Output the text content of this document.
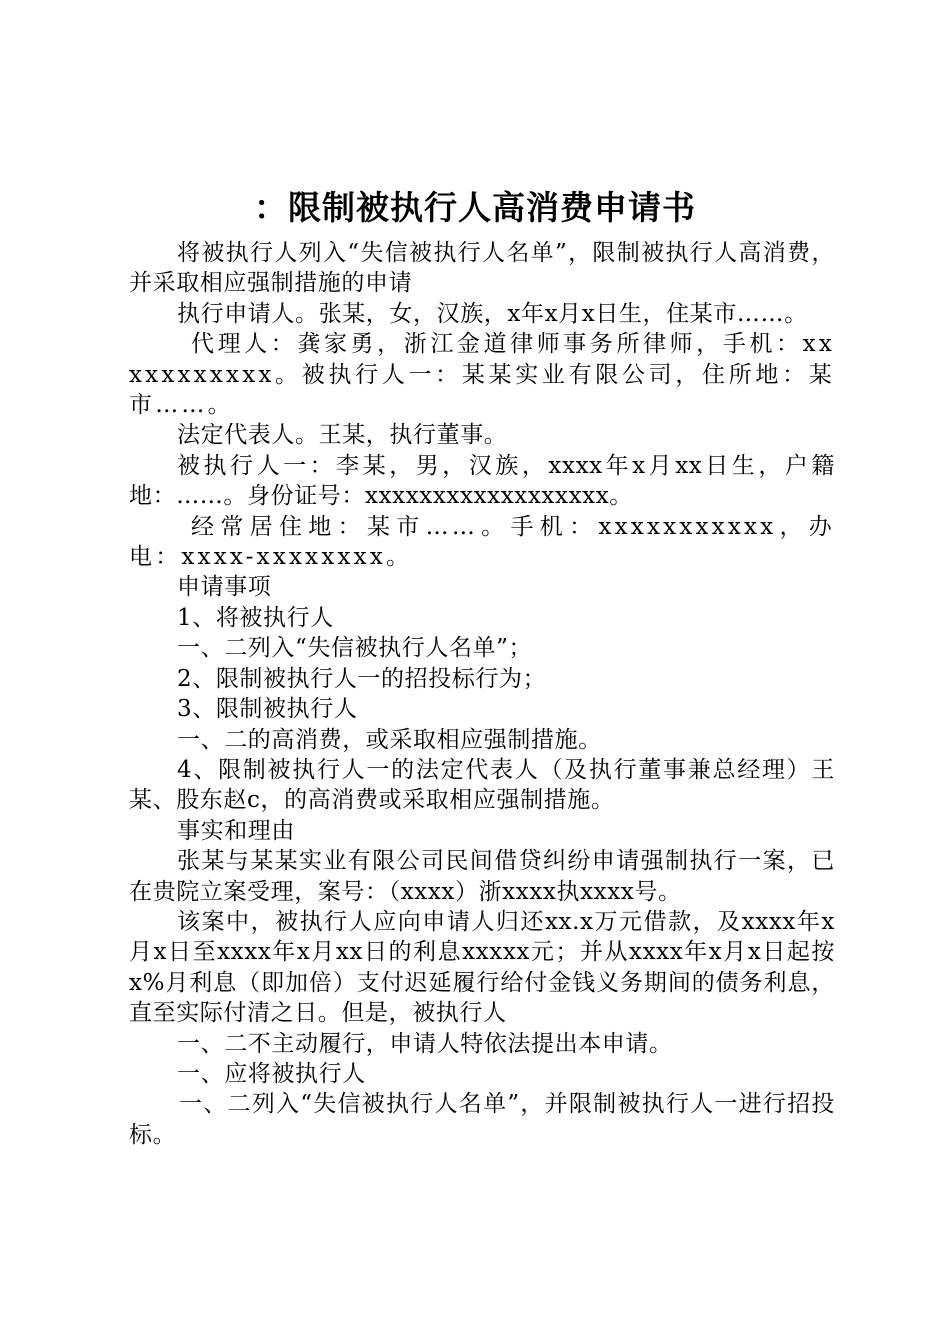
：限制被执行人高消费申请书

将被执行人列入“失信被执行人名单”，限制被执行人高消费，并采取相应强制措施的申请

执行申请人。张某，女，汉族，x年x月x日生，住某市……。

代理人：龚家勇，浙江金道律师事务所律师，手机：xxxxxxxxxxx。被执行人一：某某实业有限公司，住所地：某市……。

法定代表人。王某，执行董事。

被执行人一：李某，男，汉族，xxxx年x月xx日生，户籍地：……。身份证号：xxxxxxxxxxxxxxxxxx。

经常居住地：某市……。手机：xxxxxxxxxxx，办电：xxxx-xxxxxxxx。

申请事项

1、将被执行人

一、二列入“失信被执行人名单”；

2、限制被执行人一的招投标行为；

3、限制被执行人

一、二的高消费，或采取相应强制措施。

4、限制被执行人一的法定代表人（及执行董事兼总经理）王某、股东赵c，的高消费或采取相应强制措施。

事实和理由

张某与某某实业有限公司民间借贷纠纷申请强制执行一案，已在贵院立案受理，案号：（xxxx）浙xxxx执xxxx号。

该案中，被执行人应向申请人归还xx.x万元借款，及xxxx年x月x日至xxxx年x月xx日的利息xxxxx元；并从xxxx年x月x日起按x%月利息（即加倍）支付迟延履行给付金钱义务期间的债务利息，直至实际付清之日。但是，被执行人

一、二不主动履行，申请人特依法提出本申请。

一、应将被执行人

一、二列入“失信被执行人名单”，并限制被执行人一进行招投标。
